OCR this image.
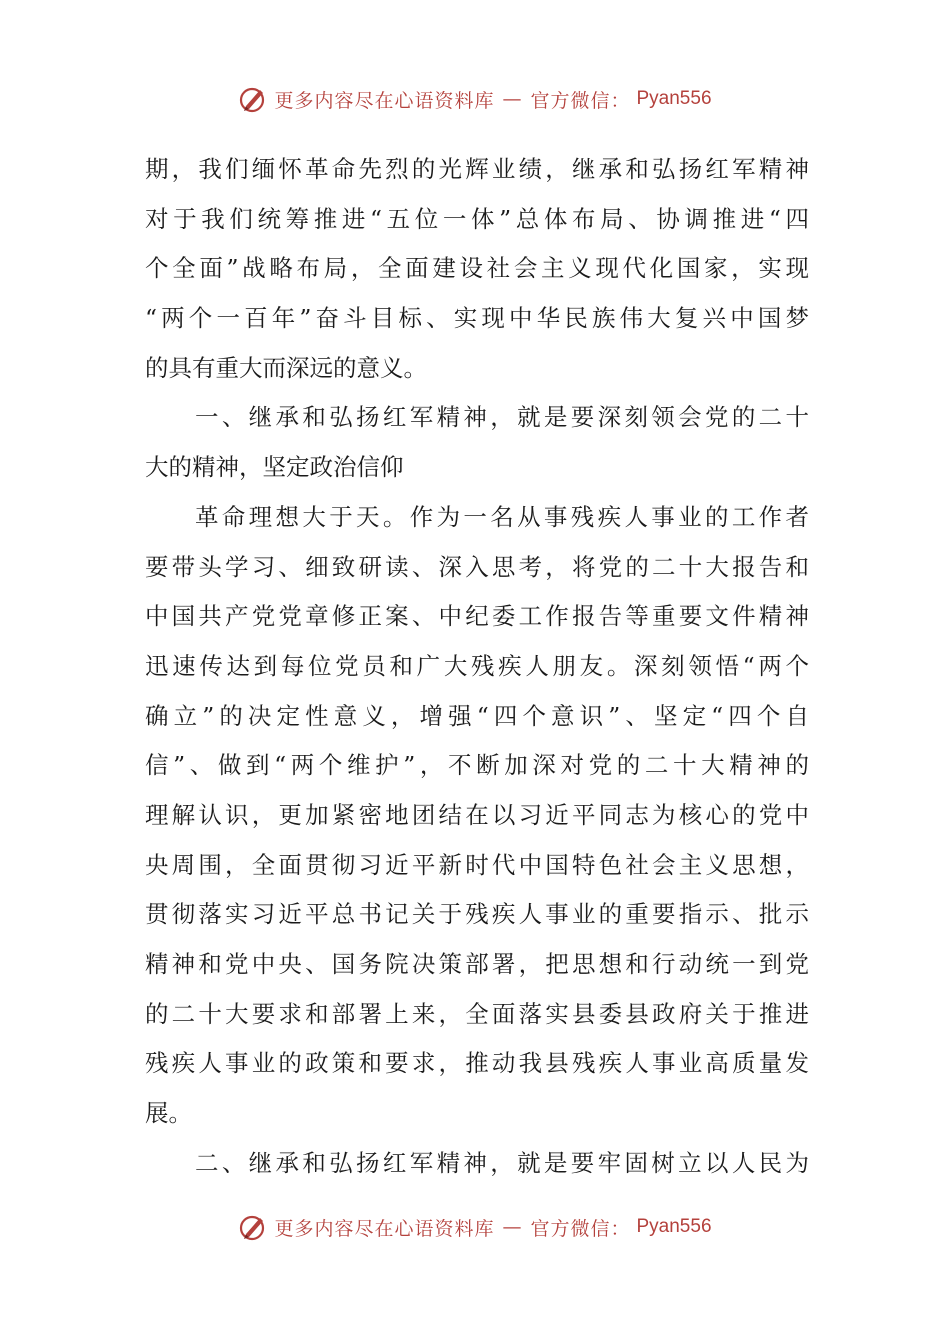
更多内容尽在心语资料库 — 官方微信： Pyan556
期，我们缅怀革命先烈的光辉业绩，继承和弘扬红军精神
对于我们统筹推进“五位一体”总体布局、协调推进“四
个全面”战略布局，全面建设社会主义现代化国家，实现
“两个一百年”奋斗目标、实现中华民族伟大复兴中国梦
的具有重大而深远的意义。
一、继承和弘扬红军精神，就是要深刻领会党的二十
大的精神，坚定政治信仰
革命理想大于天。作为一名从事残疾人事业的工作者
要带头学习、细致研读、深入思考，将党的二十大报告和
中国共产党党章修正案、中纪委工作报告等重要文件精神
迅速传达到每位党员和广大残疾人朋友。深刻领悟“两个
确立”的决定性意义，增强“四个意识”、坚定“四个自
信”、做到“两个维护”，不断加深对党的二十大精神的
理解认识，更加紧密地团结在以习近平同志为核心的党中
央周围，全面贯彻习近平新时代中国特色社会主义思想，
贯彻落实习近平总书记关于残疾人事业的重要指示、批示
精神和党中央、国务院决策部署，把思想和行动统一到党
的二十大要求和部署上来，全面落实县委县政府关于推进
残疾人事业的政策和要求，推动我县残疾人事业高质量发
展。
二、继承和弘扬红军精神，就是要牢固树立以人民为
更多内容尽在心语资料库 — 官方微信： Pyan556
